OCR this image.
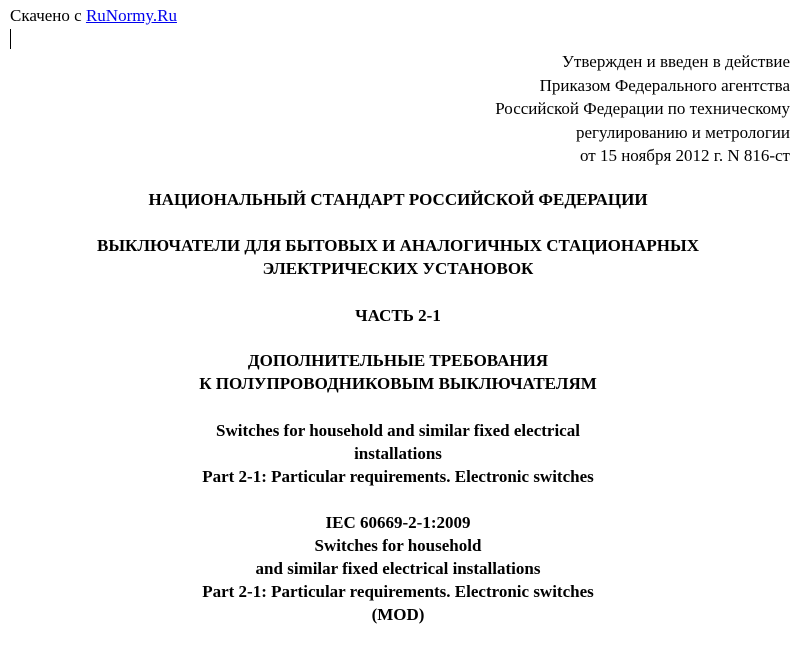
Скачено с RuNormy.Ru
Утвержден и введен в действие
Приказом Федерального агентства
Российской Федерации по техническому
регулированию и метрологии
от 15 ноября 2012 г. N 816-ст
НАЦИОНАЛЬНЫЙ СТАНДАРТ РОССИЙСКОЙ ФЕДЕРАЦИИ
ВЫКЛЮЧАТЕЛИ ДЛЯ БЫТОВЫХ И АНАЛОГИЧНЫХ СТАЦИОНАРНЫХ
ЭЛЕКТРИЧЕСКИХ УСТАНОВОК
ЧАСТЬ 2-1
ДОПОЛНИТЕЛЬНЫЕ ТРЕБОВАНИЯ
К ПОЛУПРОВОДНИКОВЫМ ВЫКЛЮЧАТЕЛЯМ
Switches for household and similar fixed electrical
installations
Part 2-1: Particular requirements. Electronic switches
IEC 60669-2-1:2009
Switches for household
and similar fixed electrical installations
Part 2-1: Particular requirements. Electronic switches
(MOD)
